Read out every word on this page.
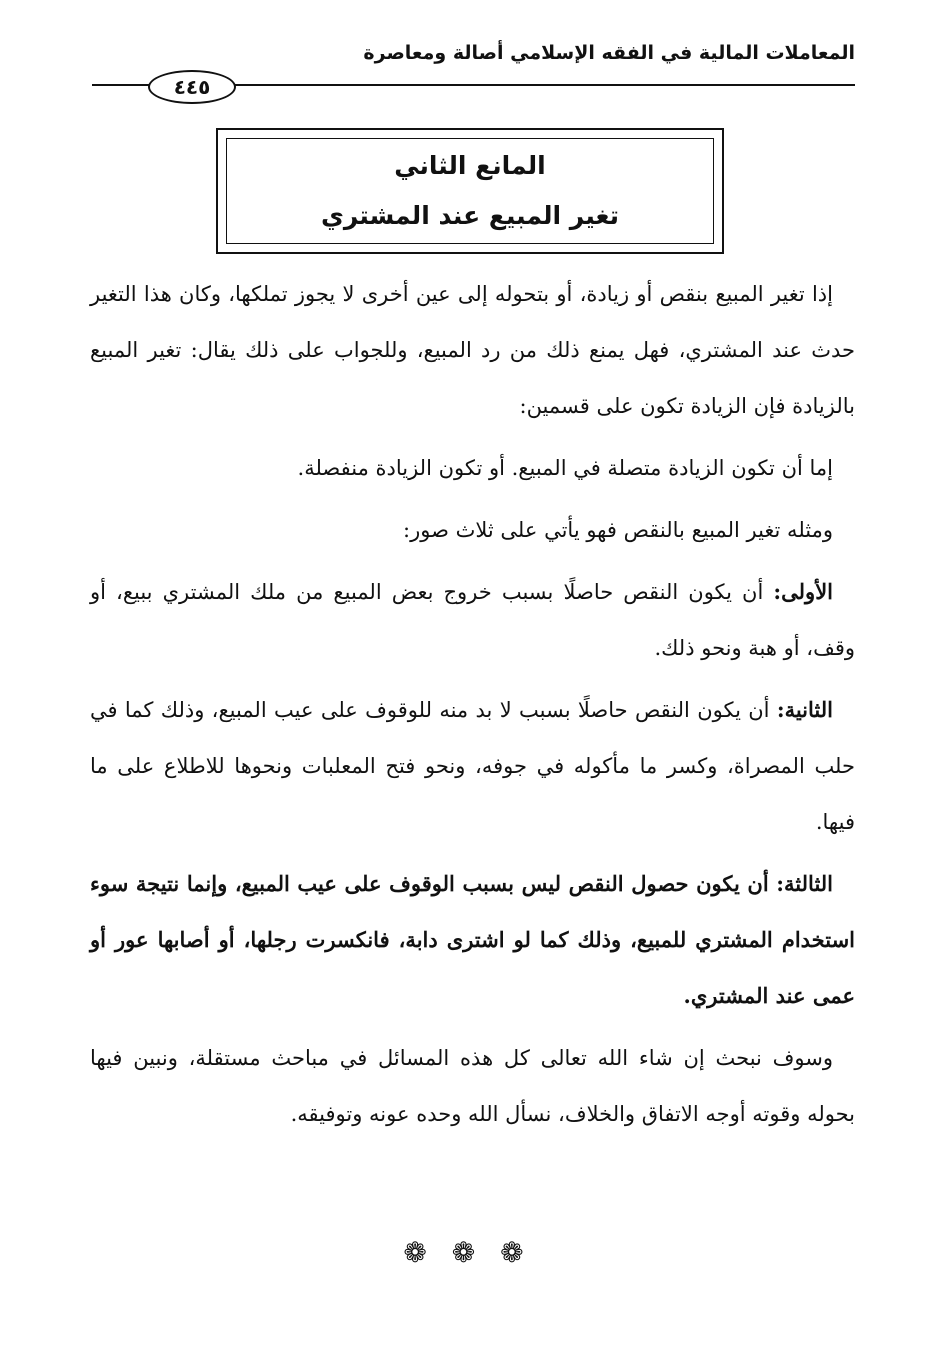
المعاملات المالية في الفقه الإسلامي أصالة ومعاصرة
٤٤٥
المانع الثاني
تغير المبيع عند المشتري

إذا تغير المبيع بنقص أو زيادة، أو بتحوله إلى عين أخرى لا يجوز تملكها، وكان هذا التغير حدث عند المشتري، فهل يمنع ذلك من رد المبيع، وللجواب على ذلك يقال: تغير المبيع بالزيادة فإن الزيادة تكون على قسمين:

إما أن تكون الزيادة متصلة في المبيع. أو تكون الزيادة منفصلة.

ومثله تغير المبيع بالنقص فهو يأتي على ثلاث صور:

الأولى: أن يكون النقص حاصلًا بسبب خروج بعض المبيع من ملك المشتري ببيع، أو وقف، أو هبة ونحو ذلك.

الثانية: أن يكون النقص حاصلًا بسبب لا بد منه للوقوف على عيب المبيع، وذلك كما في حلب المصراة، وكسر ما مأكوله في جوفه، ونحو فتح المعلبات ونحوها للاطلاع على ما فيها.

الثالثة: أن يكون حصول النقص ليس بسبب الوقوف على عيب المبيع، وإنما نتيجة سوء استخدام المشتري للمبيع، وذلك كما لو اشترى دابة، فانكسرت رجلها، أو أصابها عور أو عمى عند المشتري.

وسوف نبحث إن شاء الله تعالى كل هذه المسائل في مباحث مستقلة، ونبين فيها بحوله وقوته أوجه الاتفاق والخلاف، نسأل الله وحده عونه وتوفيقه.

❁ ❁ ❁
